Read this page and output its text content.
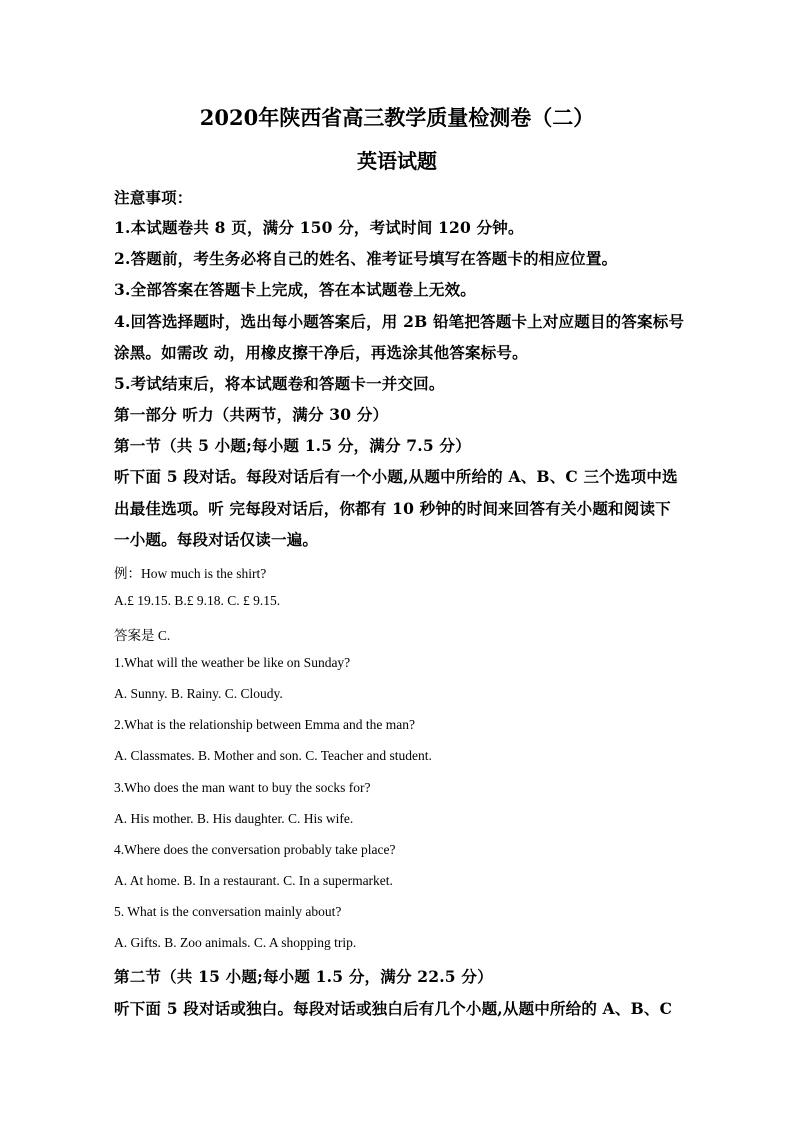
2020年陕西省高三教学质量检测卷（二）
英语试题

注意事项：

1.本试题卷共 8 页，满分 150 分，考试时间 120 分钟。

2.答题前，考生务必将自己的姓名、准考证号填写在答题卡的相应位置。

3.全部答案在答题卡上完成，答在本试题卷上无效。

4.回答选择题时，选出每小题答案后，用 2B 铅笔把答题卡上对应题目的答案标号

涂黑。如需改 动，用橡皮擦干净后，再选涂其他答案标号。

5.考试结束后，将本试题卷和答题卡一并交回。

第一部分 听力（共两节，满分 30 分）

第一节（共 5 小题;每小题 1.5 分，满分 7.5 分）

听下面 5 段对话。每段对话后有一个小题,从题中所给的 A、B、C 三个选项中选

出最佳选项。听 完每段对话后，你都有 10 秒钟的时间来回答有关小题和阅读下

一小题。每段对话仅读一遍。

例：How much is the shirt?

A.£ 19.15. B.£ 9.18. C. £ 9.15.

答案是 C.

1.What will the weather be like on Sunday?

A. Sunny. B. Rainy. C. Cloudy.

2.What is the relationship between Emma and the man?

A. Classmates. B. Mother and son. C. Teacher and student.

3.Who does the man want to buy the socks for?

A. His mother. B. His daughter. C. His wife.

4.Where does the conversation probably take place?

A. At home. B. In a restaurant. C. In a supermarket.

5. What is the conversation mainly about?

A. Gifts. B. Zoo animals. C. A shopping trip.

第二节（共 15 小题;每小题 1.5 分，满分 22.5 分）

听下面 5 段对话或独白。每段对话或独白后有几个小题,从题中所给的 A、B、C
